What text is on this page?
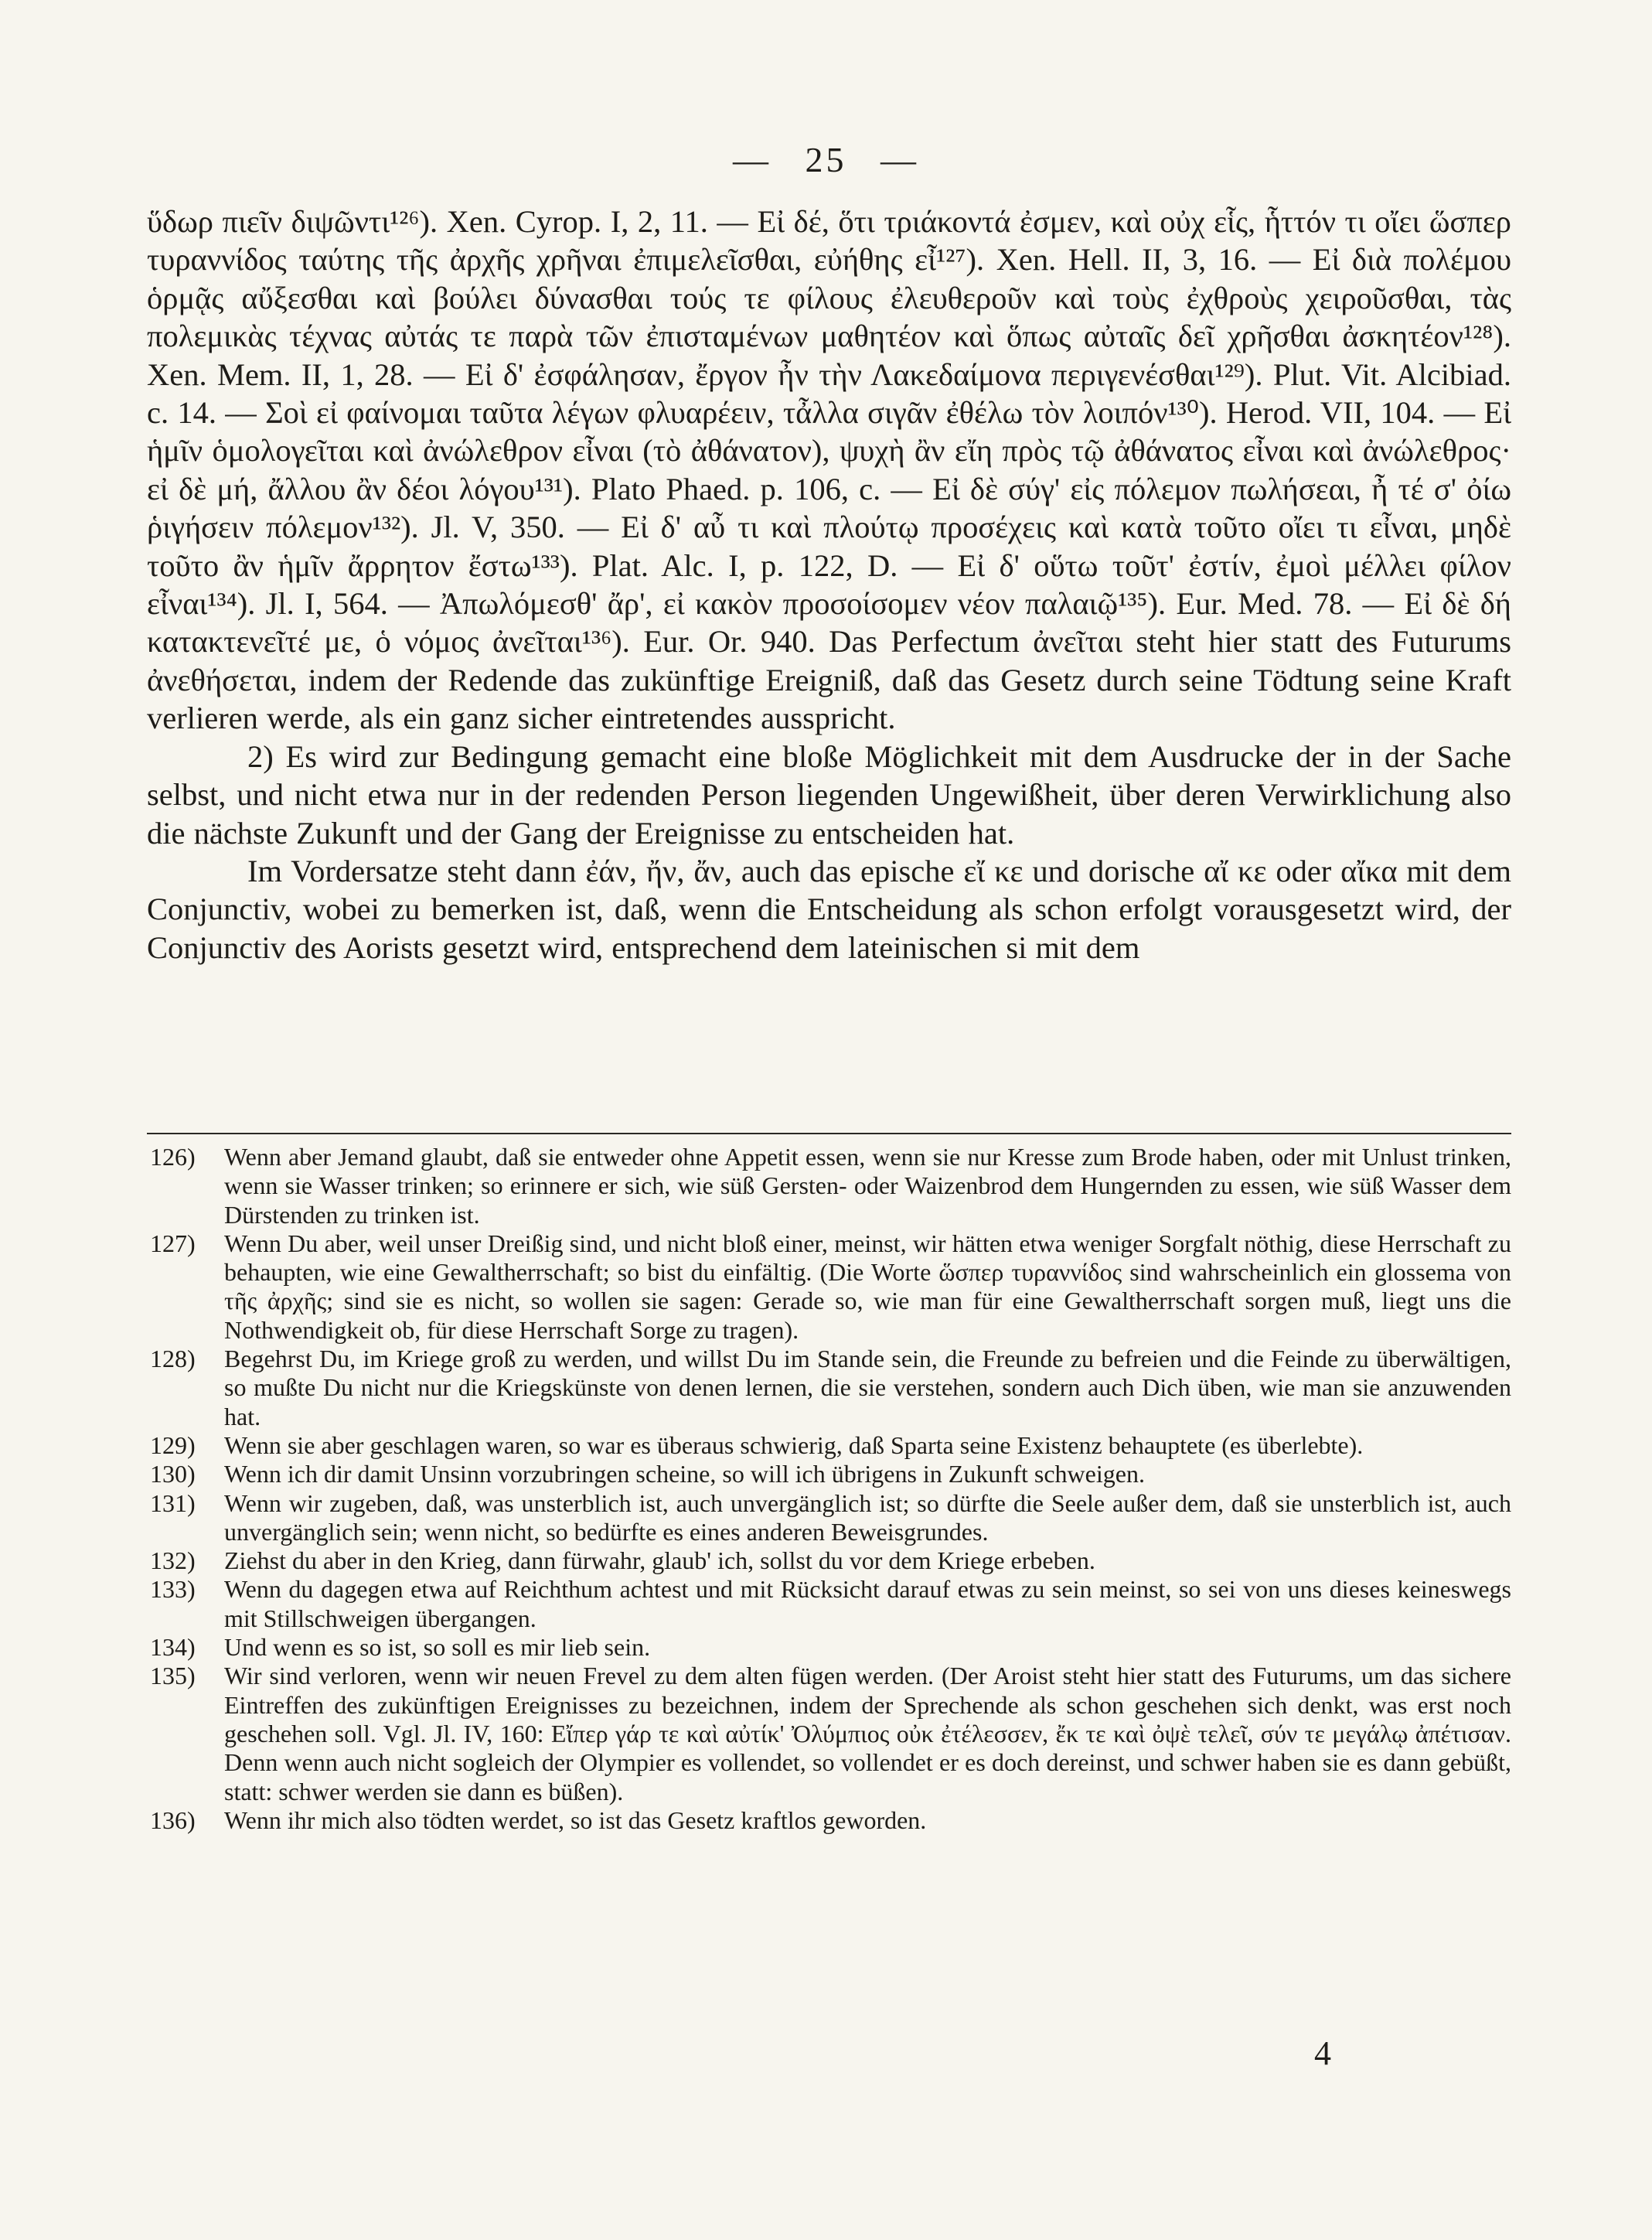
— 25 —

ὕδωρ πιεῖν διψῶντι¹²⁶). Xen. Cyrop. I, 2, 11. — Εἰ δέ, ὅτι τριάκοντά ἐσμεν, καὶ οὐχ εἷς, ἧττόν τι οἴει ὥσπερ τυραννίδος ταύτης τῆς ἀρχῆς χρῆναι ἐπιμελεῖσθαι, εὐήθης εἶ¹²⁷). Xen. Hell. II, 3, 16. — Εἰ διὰ πολέμου ὁρμᾷς αὔξεσθαι καὶ βούλει δύνασθαι τούς τε φίλους ἐλευθεροῦν καὶ τοὺς ἐχθροὺς χειροῦσθαι, τὰς πολεμικὰς τέχνας αὐτάς τε παρὰ τῶν ἐπισταμένων μαθητέον καὶ ὅπως αὐταῖς δεῖ χρῆσθαι ἀσκητέον¹²⁸). Xen. Mem. II, 1, 28. — Εἰ δ' ἐσφάλησαν, ἔργον ἦν τὴν Λακεδαίμονα περιγενέσθαι¹²⁹). Plut. Vit. Alcibiad. c. 14. — Σοὶ εἰ φαίνομαι ταῦτα λέγων φλυαρέειν, τἆλλα σιγᾶν ἐθέλω τὸν λοιπόν¹³⁰). Herod. VII, 104. — Εἰ ἡμῖν ὁμολογεῖται καὶ ἀνώλεθρον εἶναι (τὸ ἀθάνατον), ψυχὴ ἂν εἴη πρὸς τῷ ἀθάνατος εἶναι καὶ ἀνώλεθρος· εἰ δὲ μή, ἄλλου ἂν δέοι λόγου¹³¹). Plato Phaed. p. 106, c. — Εἰ δὲ σύγ' εἰς πόλεμον πωλήσεαι, ἦ τέ σ' ὀίω ῥιγήσειν πόλεμον¹³²). Jl. V, 350. — Εἰ δ' αὖ τι καὶ πλούτῳ προσέχεις καὶ κατὰ τοῦτο οἴει τι εἶναι, μηδὲ τοῦτο ἂν ἡμῖν ἄρρητον ἔστω¹³³). Plat. Alc. I, p. 122, D. — Εἰ δ' οὕτω τοῦτ' ἐστίν, ἐμοὶ μέλλει φίλον εἶναι¹³⁴). Jl. I, 564. — Ἀπωλόμεσθ' ἄρ', εἰ κακὸν προσοίσομεν νέον παλαιῷ¹³⁵). Eur. Med. 78. — Εἰ δὲ δή κατακτενεῖτέ με, ὁ νόμος ἀνεῖται¹³⁶). Eur. Or. 940. Das Perfectum ἀνεῖται steht hier statt des Futurums ἀνεθήσεται, indem der Redende das zukünftige Ereigniß, daß das Gesetz durch seine Tödtung seine Kraft verlieren werde, als ein ganz sicher eintretendes ausspricht.

2) Es wird zur Bedingung gemacht eine bloße Möglichkeit mit dem Ausdrucke der in der Sache selbst, und nicht etwa nur in der redenden Person liegenden Ungewißheit, über deren Verwirklichung also die nächste Zukunft und der Gang der Ereignisse zu entscheiden hat.

Im Vordersatze steht dann ἐάν, ἤν, ἄν, auch das epische εἴ κε und dorische αἴ κε oder αἴκα mit dem Conjunctiv, wobei zu bemerken ist, daß, wenn die Entscheidung als schon erfolgt vorausgesetzt wird, der Conjunctiv des Aorists gesetzt wird, entsprechend dem lateinischen si mit dem

126)	Wenn aber Jemand glaubt, daß sie entweder ohne Appetit essen, wenn sie nur Kresse zum Brode haben, oder mit Unlust trinken, wenn sie Wasser trinken; so erinnere er sich, wie süß Gersten- oder Waizenbrod dem Hungernden zu essen, wie süß Wasser dem Dürstenden zu trinken ist.
127)	Wenn Du aber, weil unser Dreißig sind, und nicht bloß einer, meinst, wir hätten etwa weniger Sorgfalt nöthig, diese Herrschaft zu behaupten, wie eine Gewaltherrschaft; so bist du einfältig. (Die Worte ὥσπερ τυραννίδος sind wahrscheinlich ein glossema von τῆς ἀρχῆς; sind sie es nicht, so wollen sie sagen: Gerade so, wie man für eine Gewaltherrschaft sorgen muß, liegt uns die Nothwendigkeit ob, für diese Herrschaft Sorge zu tragen).
128)	Begehrst Du, im Kriege groß zu werden, und willst Du im Stande sein, die Freunde zu befreien und die Feinde zu überwältigen, so mußte Du nicht nur die Kriegskünste von denen lernen, die sie verstehen, sondern auch Dich üben, wie man sie anzuwenden hat.
129)	Wenn sie aber geschlagen waren, so war es überaus schwierig, daß Sparta seine Existenz behauptete (es überlebte).
130)	Wenn ich dir damit Unsinn vorzubringen scheine, so will ich übrigens in Zukunft schweigen.
131)	Wenn wir zugeben, daß, was unsterblich ist, auch unvergänglich ist; so dürfte die Seele außer dem, daß sie unsterblich ist, auch unvergänglich sein; wenn nicht, so bedürfte es eines anderen Beweisgrundes.
132)	Ziehst du aber in den Krieg, dann fürwahr, glaub' ich, sollst du vor dem Kriege erbeben.
133)	Wenn du dagegen etwa auf Reichthum achtest und mit Rücksicht darauf etwas zu sein meinst, so sei von uns dieses keineswegs mit Stillschweigen übergangen.
134)	Und wenn es so ist, so soll es mir lieb sein.
135)	Wir sind verloren, wenn wir neuen Frevel zu dem alten fügen werden. (Der Aroist steht hier statt des Futurums, um das sichere Eintreffen des zukünftigen Ereignisses zu bezeichnen, indem der Sprechende als schon geschehen sich denkt, was erst noch geschehen soll. Vgl. Jl. IV, 160: Εἴπερ γάρ τε καὶ αὐτίκ' Ὀλύμπιος οὐκ ἐτέλεσσεν, ἔκ τε καὶ ὀψὲ τελεῖ, σύν τε μεγάλῳ ἀπέτισαν. Denn wenn auch nicht sogleich der Olympier es vollendet, so vollendet er es doch dereinst, und schwer haben sie es dann gebüßt, statt: schwer werden sie dann es büßen).
136)	Wenn ihr mich also tödten werdet, so ist das Gesetz kraftlos geworden.
4
